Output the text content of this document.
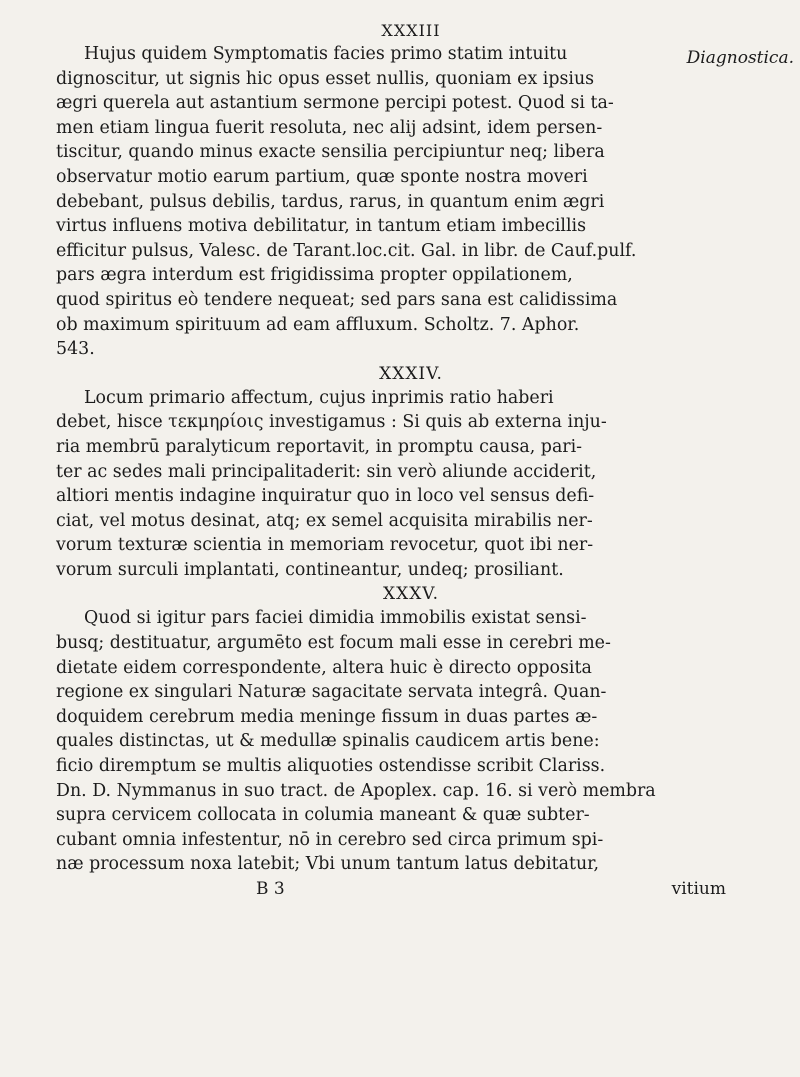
XXXIII
Diagnostica.
Hujus quidem Symptomatis facies primo statim intuitu
dignoscitur, ut signis hic opus esset nullis, quoniam ex ipsius
ægri querela aut astantium sermone percipi potest. Quod si ta-
men etiam lingua fuerit resoluta, nec alij adsint, idem persen-
tiscitur, quando minus exacte sensilia percipiuntur neq; libera
observatur motio earum partium, quæ sponte nostra moveri
debebant, pulsus debilis, tardus, rarus, in quantum enim ægri
virtus influens motiva debilitatur, in tantum etiam imbecillis
efficitur pulsus, Valesc. de Tarant.loc.cit. Gal. in libr. de Cauf.pulf.
pars ægra interdum est frigidissima propter oppilationem,
quod spiritus eò tendere nequeat; sed pars sana est calidissima
ob maximum spirituum ad eam affluxum. Scholtz. 7. Aphor.
543.
XXXIV.
Locum primario affectum, cujus inprimis ratio haberi
debet, hisce τεκμηρίοις investigamus : Si quis ab externa inju-
ria membrū paralyticum reportavit, in promptu causa, pari-
ter ac sedes mali principalitaderit: sin verò aliunde acciderit,
altiori mentis indagine inquiratur quo in loco vel sensus defi-
ciat, vel motus desinat, atq; ex semel acquisita mirabilis ner-
vorum texturæ scientia in memoriam revocetur, quot ibi ner-
vorum surculi implantati, contineantur, undeq; prosiliant.
XXXV.
Quod si igitur pars faciei dimidia immobilis existat sensi-
busq; destituatur, argumēto est focum mali esse in cerebri me-
dietate eidem correspondente, altera huic è directo opposita
regione ex singulari Naturæ sagacitate servata integrâ. Quan-
doquidem cerebrum media meninge fissum in duas partes æ-
quales distinctas, ut & medullæ spinalis caudicem artis bene:
ficio diremptum se multis aliquoties ostendisse scribit Clariss.
Dn. D. Nymmanus in suo tract. de Apoplex. cap. 16. si verò membra
supra cervicem collocata in columia maneant & quæ subter-
cubant omnia infestentur, nō in cerebro sed circa primum spi-
næ processum noxa latebit; Vbi unum tantum latus debitatur,
B 3	vitium
